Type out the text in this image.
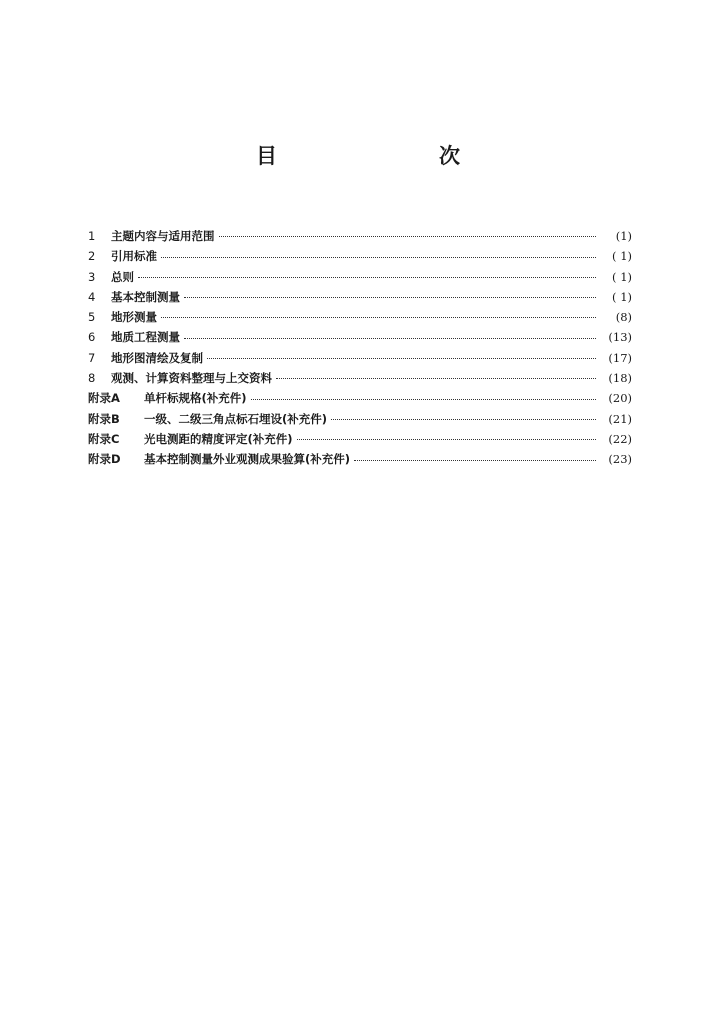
目　　次
1	主题内容与适用范围	(1)
2	引用标准	( 1)
3	总则	( 1)
4	基本控制测量	( 1)
5	地形测量	(8)
6	地质工程测量	(13)
7	地形图清绘及复制	(17)
8	观测、计算资料整理与上交资料	(18)
附录A	单杆标规格(补充件)	(20)
附录B	一级、二级三角点标石埋设(补充件)	(21)
附录C	光电测距的精度评定(补充件)	(22)
附录D	基本控制测量外业观测成果验算(补充件)	(23)
